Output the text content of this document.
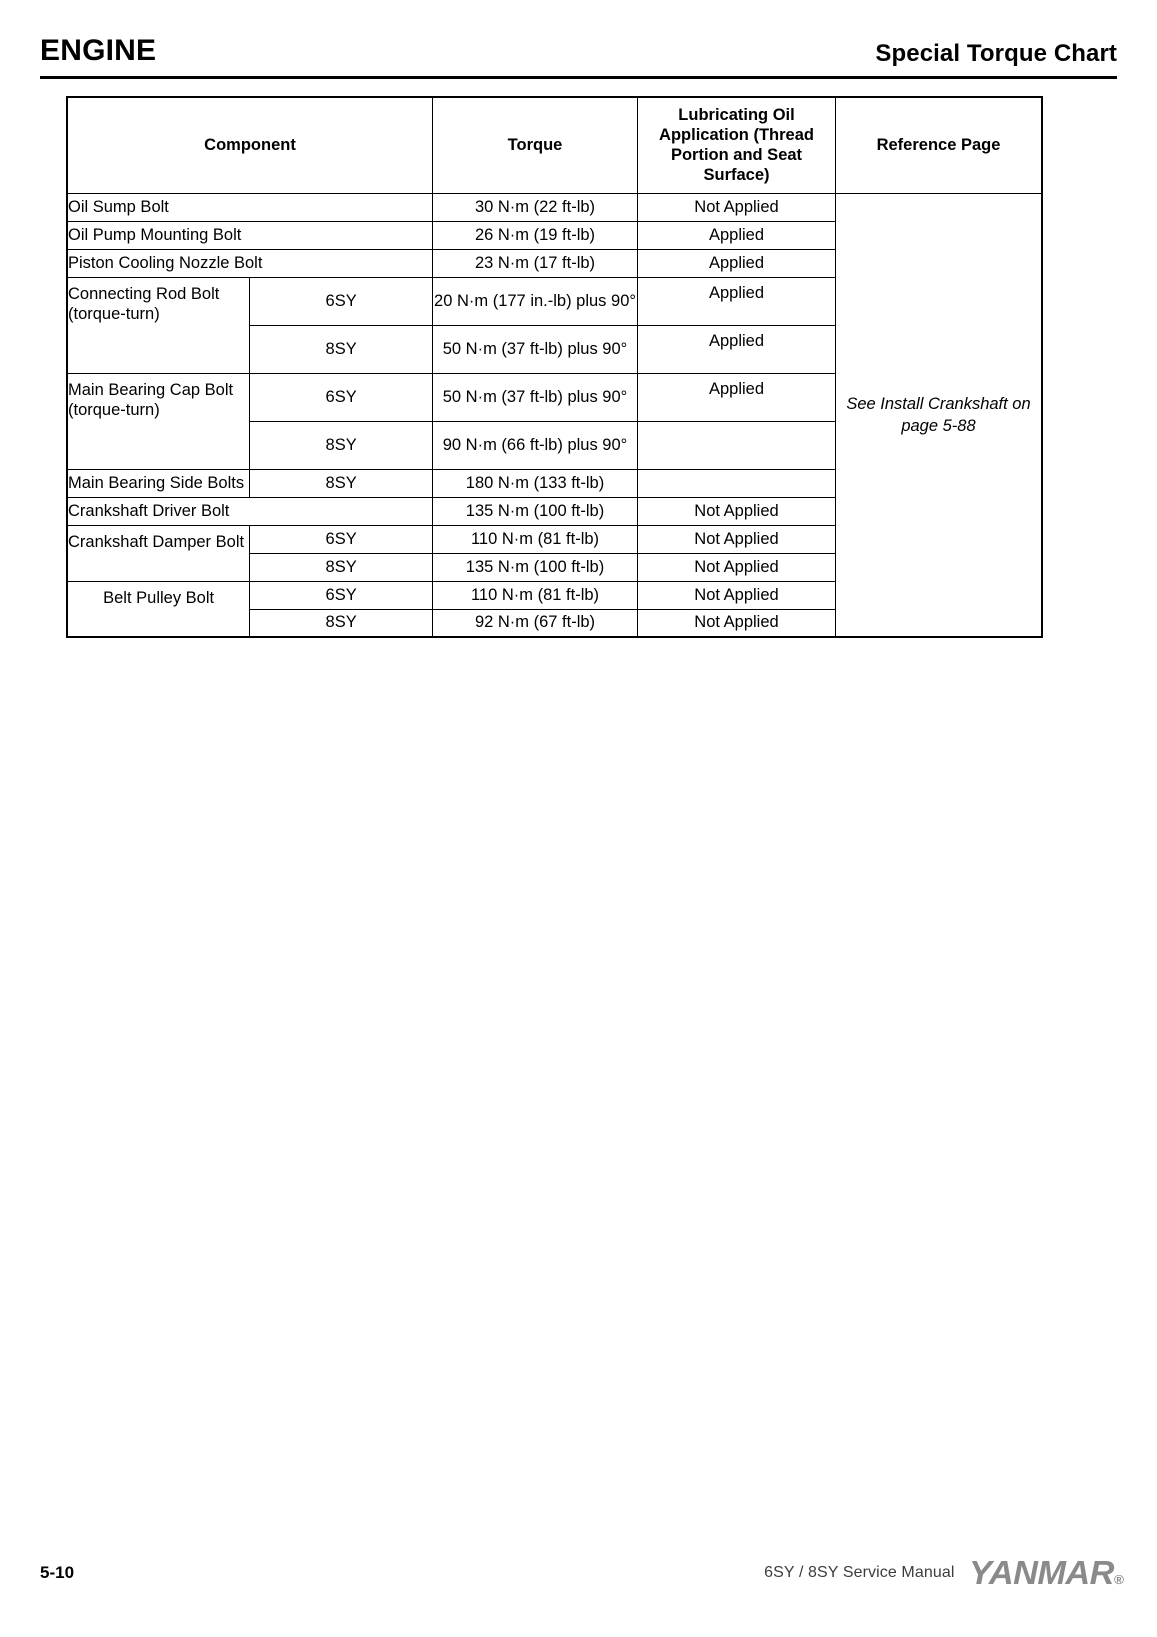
ENGINE	Special Torque Chart
Component		Torque	Lubricating Oil Application (Thread Portion and Seat Surface)	Reference Page
Oil Sump Bolt		30 N·m (22 ft-lb)	Not Applied	See Install Crankshaft on page 5-88
Oil Pump Mounting Bolt		26 N·m (19 ft-lb)	Applied	
Piston Cooling Nozzle Bolt		23 N·m (17 ft-lb)	Applied	

Connecting Rod Bolt
(torque-turn)	6SY	20 N·m (177 in.-lb) plus 90°	Applied	
	8SY	50 N·m (37 ft-lb) plus 90°	Applied	

Main Bearing Cap Bolt
(torque-turn)	6SY	50 N·m (37 ft-lb) plus 90°	Applied	
	8SY	90 N·m (66 ft-lb) plus 90°		
Main Bearing Side Bolts	8SY	180 N·m (133 ft-lb)		
Crankshaft Driver Bolt		135 N·m (100 ft-lb)	Not Applied	
Crankshaft Damper Bolt	6SY	110 N·m (81 ft-lb)	Not Applied	
	8SY	135 N·m (100 ft-lb)	Not Applied	
Belt Pulley Bolt	6SY	110 N·m (81 ft-lb)	Not Applied	
	8SY	92 N·m (67 ft-lb)	Not Applied	
5-10	6SY / 8SY Service Manual YANMAR®
